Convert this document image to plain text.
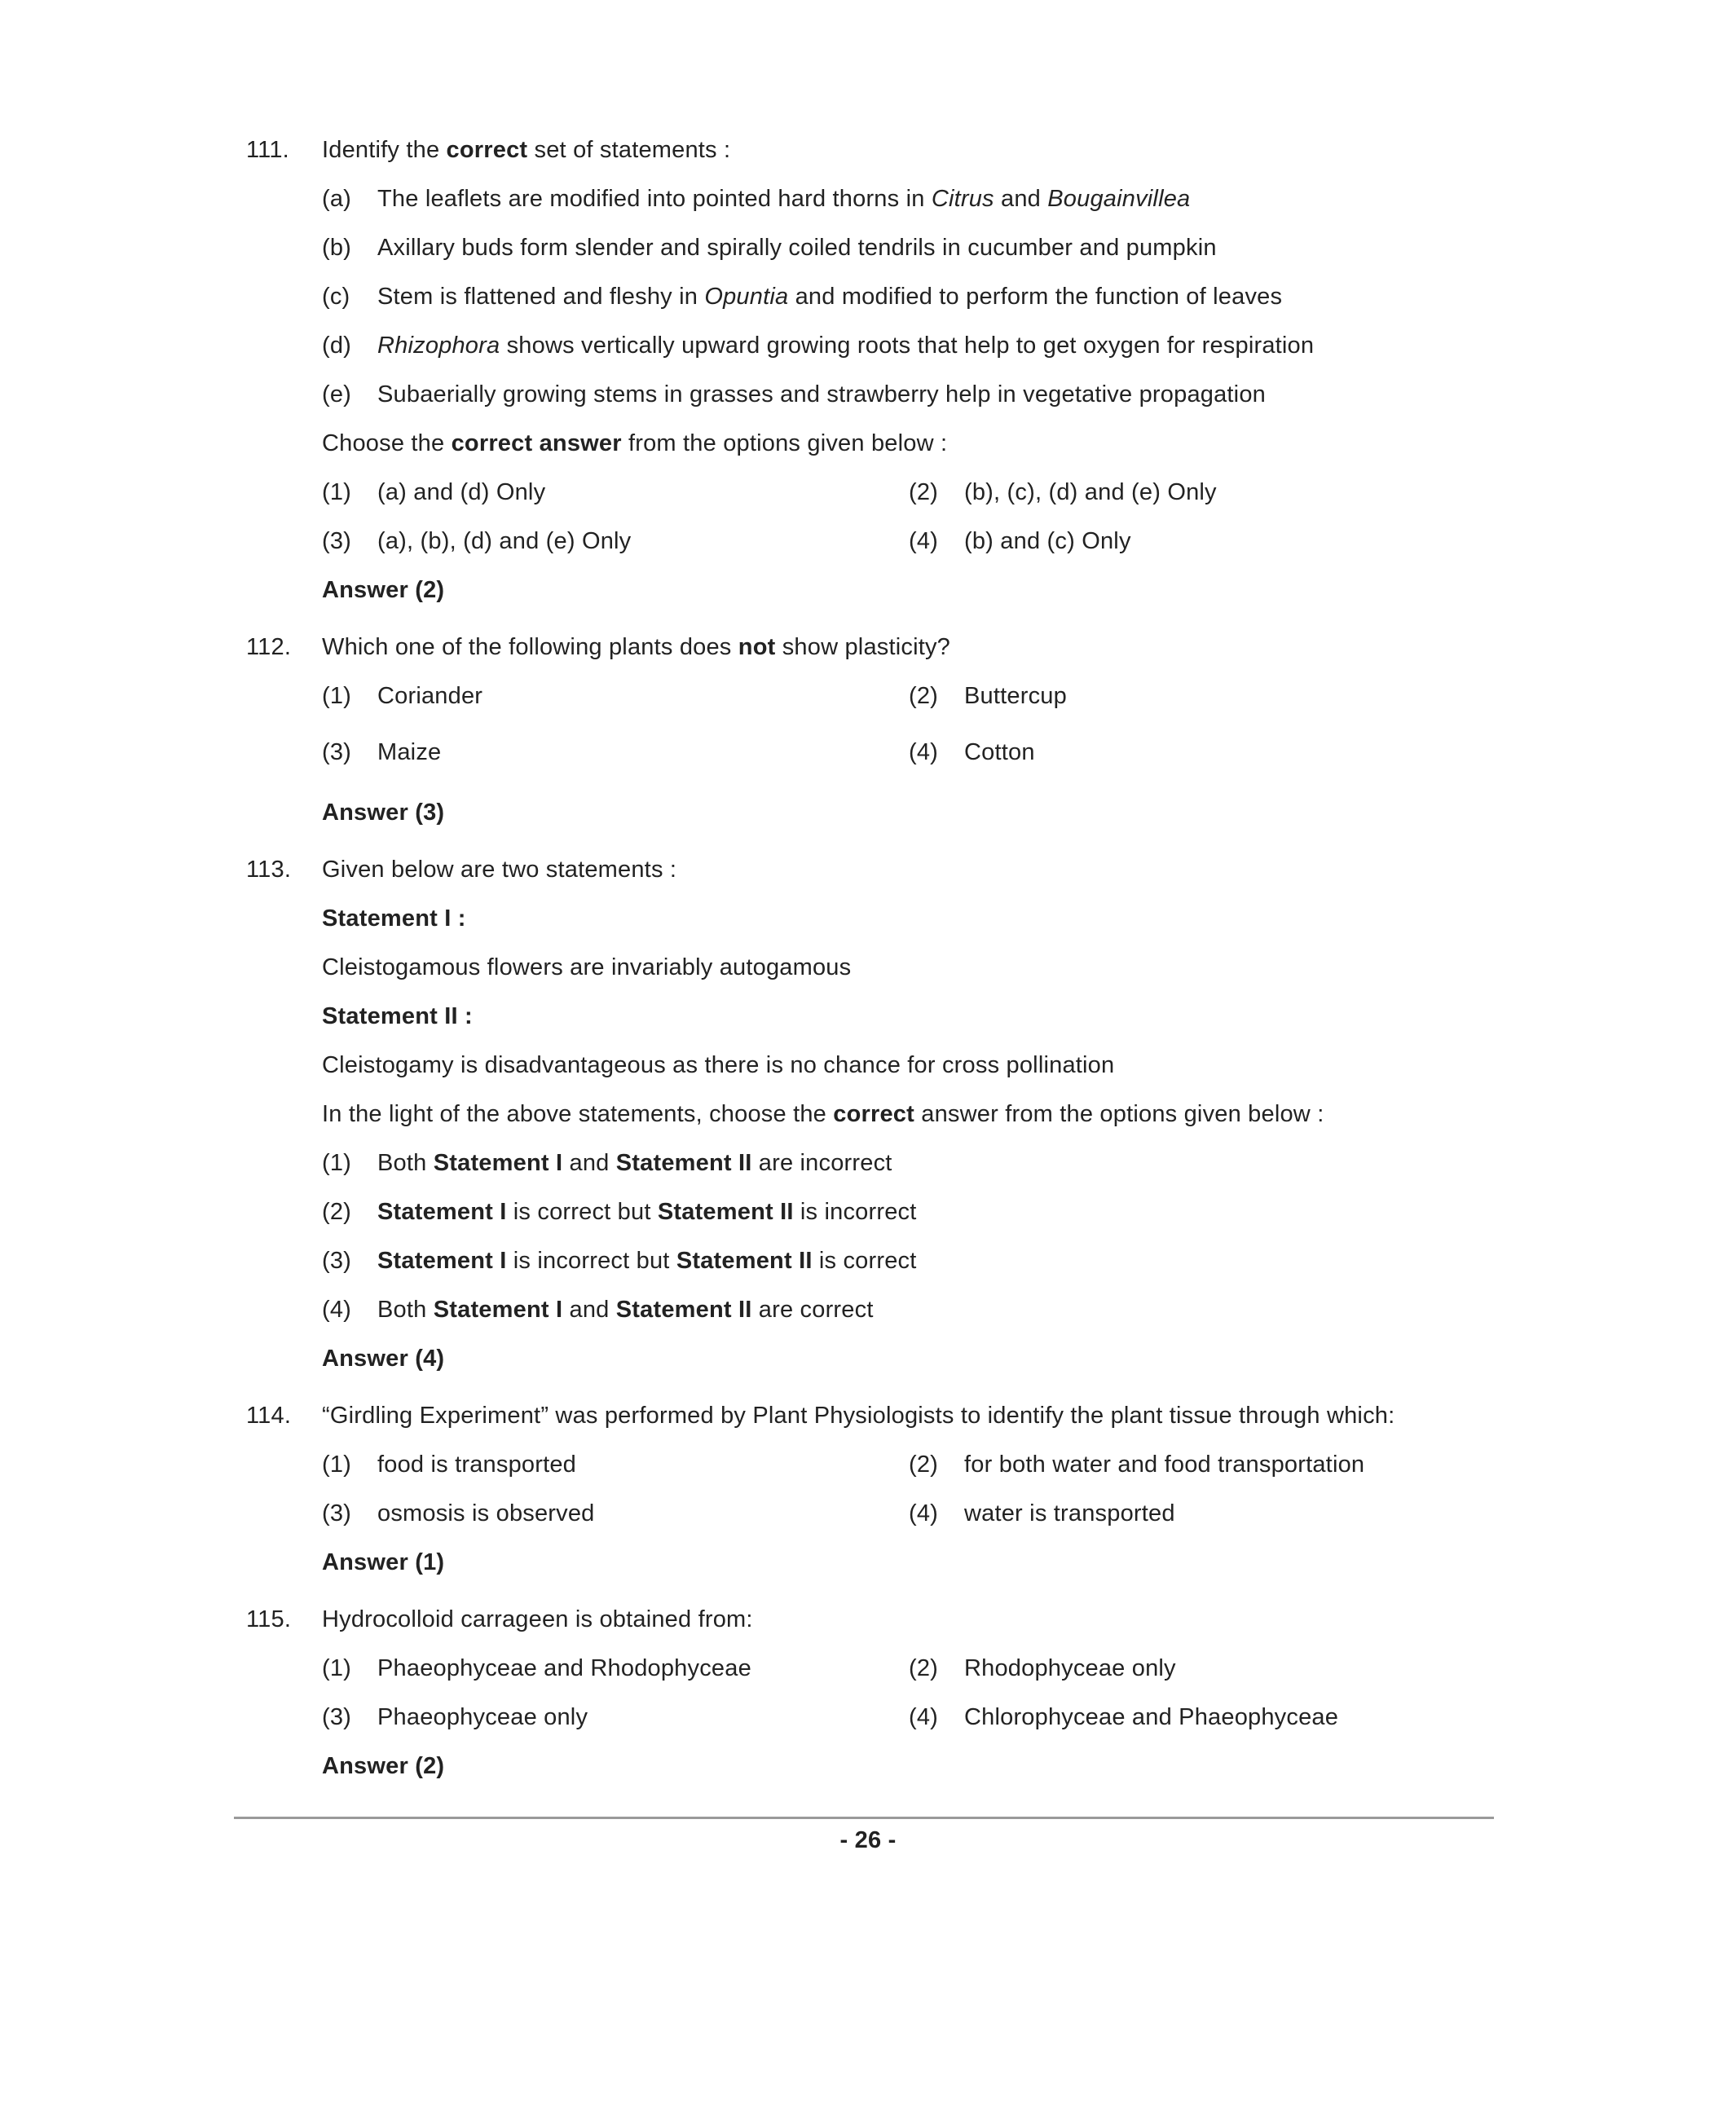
111. Identify the correct set of statements :
(a) The leaflets are modified into pointed hard thorns in Citrus and Bougainvillea
(b) Axillary buds form slender and spirally coiled tendrils in cucumber and pumpkin
(c) Stem is flattened and fleshy in Opuntia and modified to perform the function of leaves
(d) Rhizophora shows vertically upward growing roots that help to get oxygen for respiration
(e) Subaerially growing stems in grasses and strawberry help in vegetative propagation
Choose the correct answer from the options given below :
(1) (a) and (d) Only	(2) (b), (c), (d) and (e) Only
(3) (a), (b), (d) and (e) Only	(4) (b) and (c) Only
Answer (2)
112. Which one of the following plants does not show plasticity?
(1) Coriander	(2) Buttercup
(3) Maize	(4) Cotton
Answer (3)
113. Given below are two statements :
Statement I :
Cleistogamous flowers are invariably autogamous
Statement II :
Cleistogamy is disadvantageous as there is no chance for cross pollination
In the light of the above statements, choose the correct answer from the options given below :
(1) Both Statement I and Statement II are incorrect
(2) Statement I is correct but Statement II is incorrect
(3) Statement I is incorrect but Statement II is correct
(4) Both Statement I and Statement II are correct
Answer (4)
114. “Girdling Experiment” was performed by Plant Physiologists to identify the plant tissue through which:
(1) food is transported	(2) for both water and food transportation
(3) osmosis is observed	(4) water is transported
Answer (1)
115. Hydrocolloid carrageen is obtained from:
(1) Phaeophyceae and Rhodophyceae	(2) Rhodophyceae only
(3) Phaeophyceae only	(4) Chlorophyceae and Phaeophyceae
Answer (2)
- 26 -
